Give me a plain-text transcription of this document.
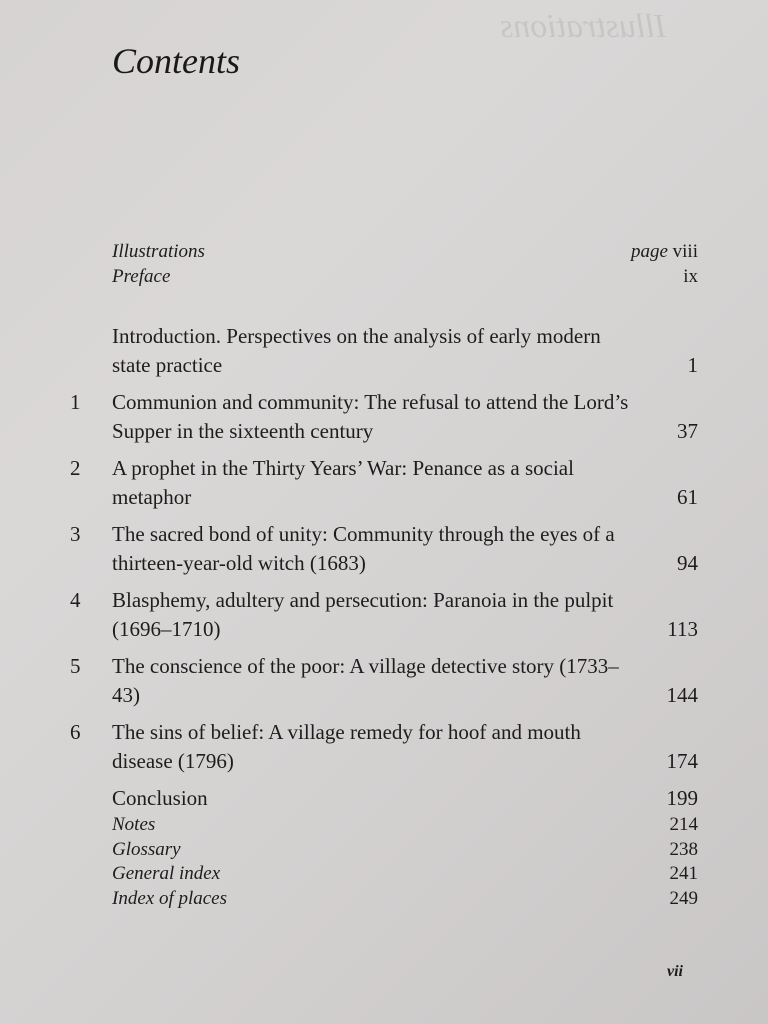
Illustrations
Contents
Illustrations	page viii
Preface	ix
Introduction. Perspectives on the analysis of early modern state practice	1
1	Communion and community: The refusal to attend the Lord’s Supper in the sixteenth century	37
2	A prophet in the Thirty Years’ War: Penance as a social metaphor	61
3	The sacred bond of unity: Community through the eyes of a thirteen-year-old witch (1683)	94
4	Blasphemy, adultery and persecution: Paranoia in the pulpit (1696–1710)	113
5	The conscience of the poor: A village detective story (1733–43)	144
6	The sins of belief: A village remedy for hoof and mouth disease (1796)	174
Conclusion	199
Notes	214
Glossary	238
General index	241
Index of places	249
vii
